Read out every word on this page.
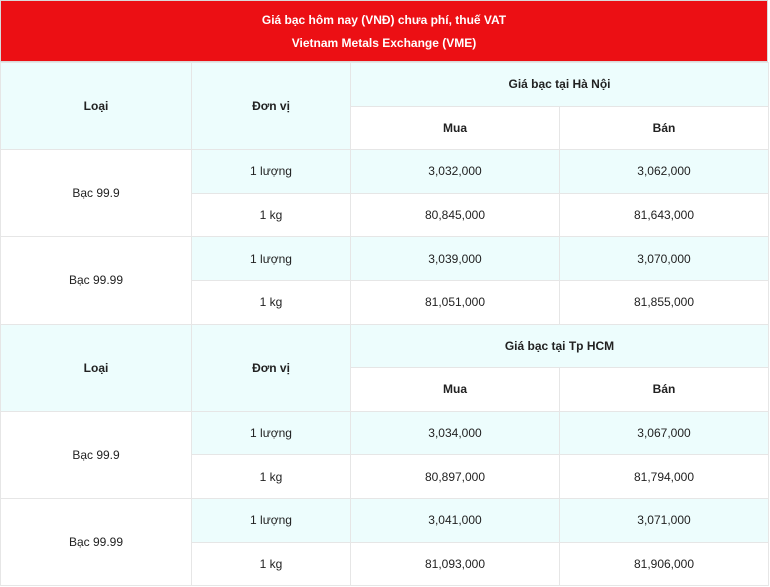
Giá bạc hôm nay (VNĐ) chưa phí, thuế VAT
Vietnam Metals Exchange (VME)
Loại	Đơn vị	Giá bạc tại Hà Nội	
		Mua	Bán
Bạc 99.9	1 lượng	3,032,000	3,062,000
	1 kg	80,845,000	81,643,000
Bạc 99.99	1 lượng	3,039,000	3,070,000
	1 kg	81,051,000	81,855,000
Loại	Đơn vị	Giá bạc tại Tp HCM	
		Mua	Bán
Bạc 99.9	1 lượng	3,034,000	3,067,000
	1 kg	80,897,000	81,794,000
Bạc 99.99	1 lượng	3,041,000	3,071,000
	1 kg	81,093,000	81,906,000
